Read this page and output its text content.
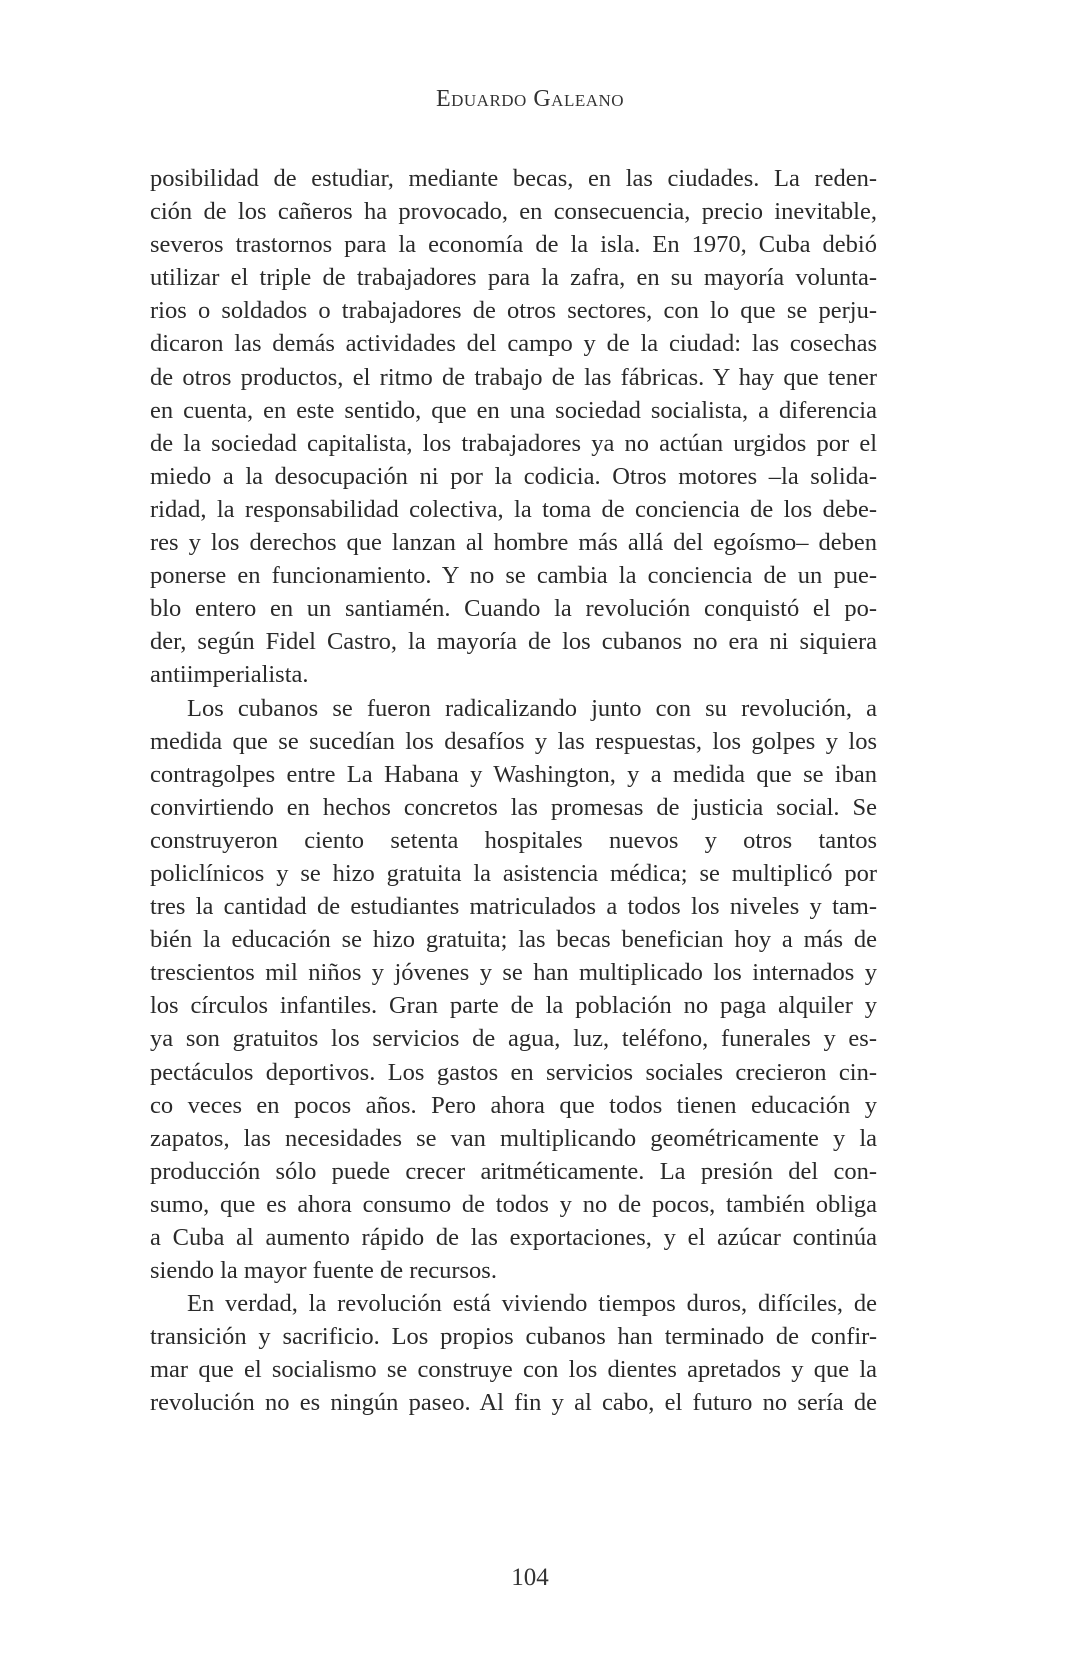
Eduardo Galeano
posibilidad de estudiar, mediante becas, en las ciudades. La reden-
ción de los cañeros ha provocado, en consecuencia, precio inevitable,
severos trastornos para la economía de la isla. En 1970, Cuba debió
utilizar el triple de trabajadores para la zafra, en su mayoría volunta-
rios o soldados o trabajadores de otros sectores, con lo que se perju-
dicaron las demás actividades del campo y de la ciudad: las cosechas
de otros productos, el ritmo de trabajo de las fábricas. Y hay que tener
en cuenta, en este sentido, que en una sociedad socialista, a diferencia
de la sociedad capitalista, los trabajadores ya no actúan urgidos por el
miedo a la desocupación ni por la codicia. Otros motores –la solida-
ridad, la responsabilidad colectiva, la toma de conciencia de los debe-
res y los derechos que lanzan al hombre más allá del egoísmo– deben
ponerse en funcionamiento. Y no se cambia la conciencia de un pue-
blo entero en un santiamén. Cuando la revolución conquistó el po-
der, según Fidel Castro, la mayoría de los cubanos no era ni siquiera
antiimperialista.
Los cubanos se fueron radicalizando junto con su revolución, a
medida que se sucedían los desafíos y las respuestas, los golpes y los
contragolpes entre La Habana y Washington, y a medida que se iban
convirtiendo en hechos concretos las promesas de justicia social. Se
construyeron ciento setenta hospitales nuevos y otros tantos
policlínicos y se hizo gratuita la asistencia médica; se multiplicó por
tres la cantidad de estudiantes matriculados a todos los niveles y tam-
bién la educación se hizo gratuita; las becas benefician hoy a más de
trescientos mil niños y jóvenes y se han multiplicado los internados y
los círculos infantiles. Gran parte de la población no paga alquiler y
ya son gratuitos los servicios de agua, luz, teléfono, funerales y es-
pectáculos deportivos. Los gastos en servicios sociales crecieron cin-
co veces en pocos años. Pero ahora que todos tienen educación y
zapatos, las necesidades se van multiplicando geométricamente y la
producción sólo puede crecer aritméticamente. La presión del con-
sumo, que es ahora consumo de todos y no de pocos, también obliga
a Cuba al aumento rápido de las exportaciones, y el azúcar continúa
siendo la mayor fuente de recursos.
En verdad, la revolución está viviendo tiempos duros, difíciles, de
transición y sacrificio. Los propios cubanos han terminado de confir-
mar que el socialismo se construye con los dientes apretados y que la
revolución no es ningún paseo. Al fin y al cabo, el futuro no sería de
104
